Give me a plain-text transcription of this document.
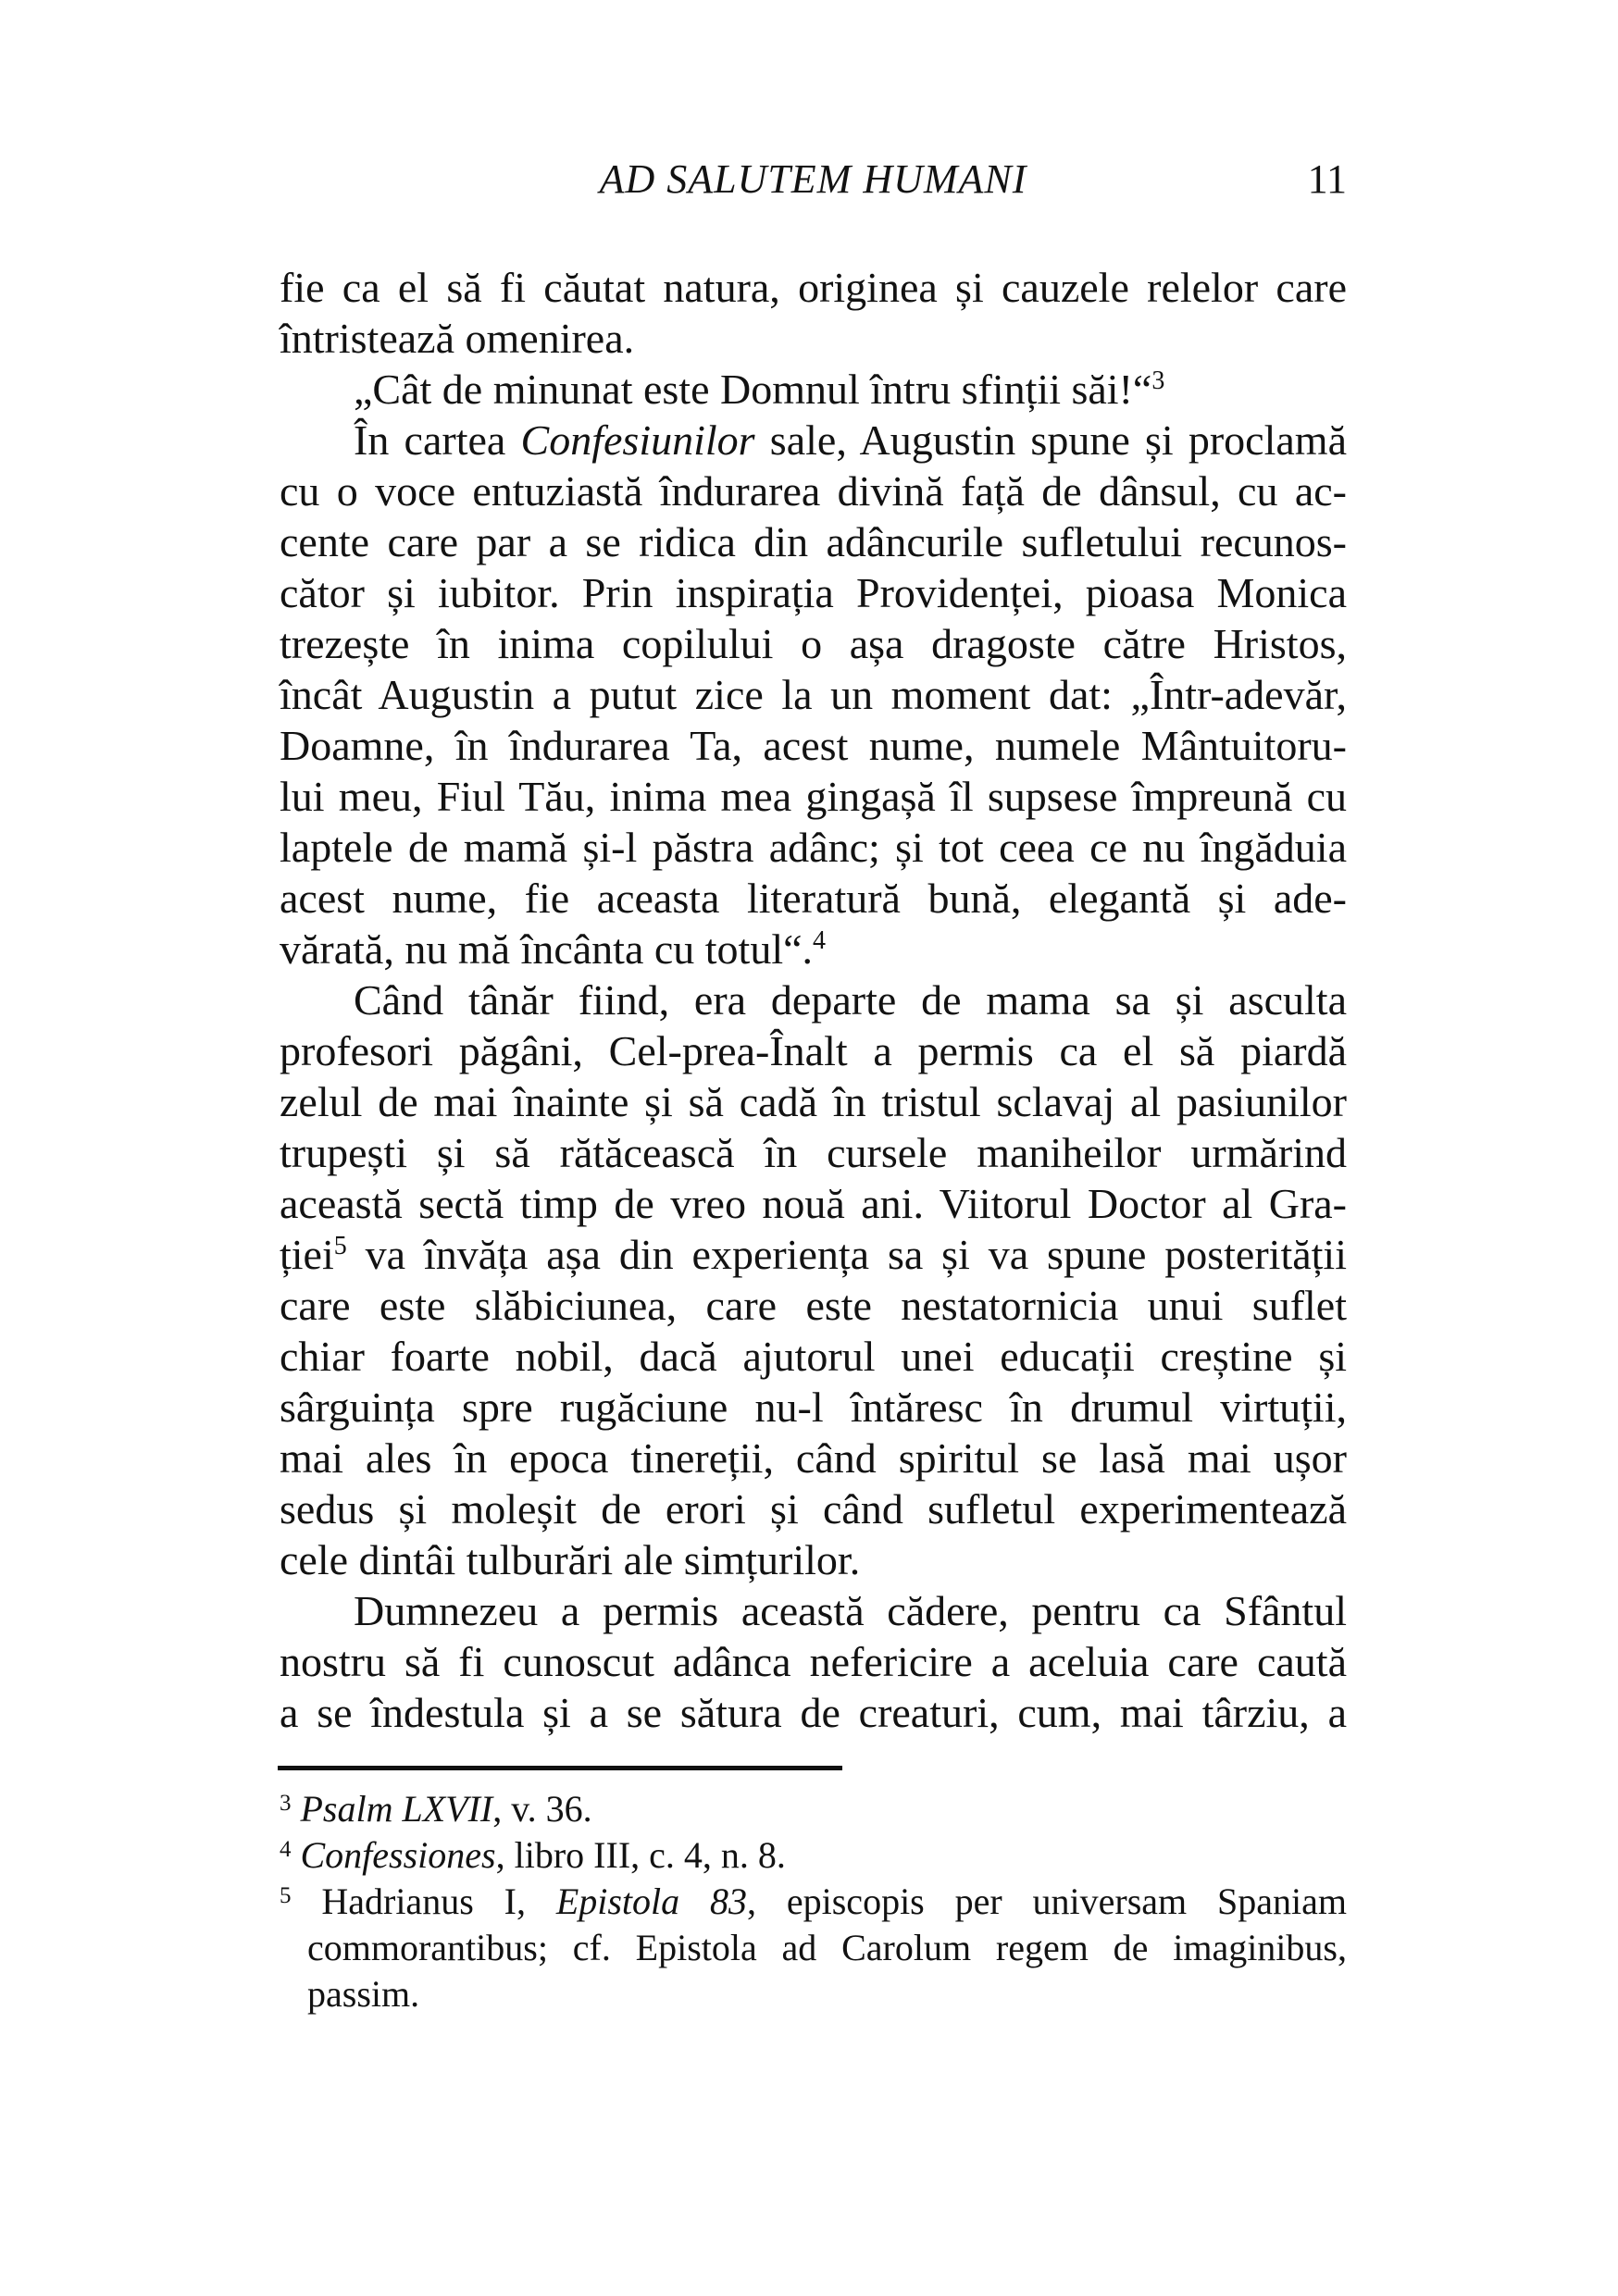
AD SALUTEM HUMANI	11
fie ca el să fi căutat natura, originea și cauzele relelor care
întristează omenirea.
„Cât de minunat este Domnul întru sfinții săi!“$^3$
În cartea Confesiunilor sale, Augustin spune și proclamă
cu o voce entuziastă îndurarea divină față de dânsul, cu ac-
cente care par a se ridica din adâncurile sufletului recunos-
cător și iubitor. Prin inspirația Providenței, pioasa Monica
trezește în inima copilului o așa dragoste către Hristos,
încât Augustin a putut zice la un moment dat: „Într-adevăr,
Doamne, în îndurarea Ta, acest nume, numele Mântuitoru-
lui meu, Fiul Tău, inima mea gingașă îl supsese împreună cu
laptele de mamă și-l păstra adânc; și tot ceea ce nu îngăduia
acest nume, fie aceasta literatură bună, elegantă și ade-
vărată, nu mă încânta cu totul“.$^4$
Când tânăr fiind, era departe de mama sa și asculta
profesori păgâni, Cel-prea-Înalt a permis ca el să piardă
zelul de mai înainte și să cadă în tristul sclavaj al pasiunilor
trupești și să rătăcească în cursele maniheilor urmărind
această sectă timp de vreo nouă ani. Viitorul Doctor al Gra-
ției$^5$ va învăța așa din experiența sa și va spune posterității
care este slăbiciunea, care este nestatornicia unui suflet
chiar foarte nobil, dacă ajutorul unei educații creștine și
sârguința spre rugăciune nu-l întăresc în drumul virtuții,
mai ales în epoca tinereții, când spiritul se lasă mai ușor
sedus și moleșit de erori și când sufletul experimentează
cele dintâi tulburări ale simțurilor.
Dumnezeu a permis această cădere, pentru ca Sfântul
nostru să fi cunoscut adânca nefericire a aceluia care caută
a se îndestula și a se sătura de creaturi, cum, mai târziu, a
$^3$ Psalm LXVII, v. 36.
$^4$ Confessiones, libro III, c. 4, n. 8.
$^5$ Hadrianus I, Epistola 83, episcopis per universam Spaniam
commorantibus; cf. Epistola ad Carolum regem de imaginibus,
passim.
